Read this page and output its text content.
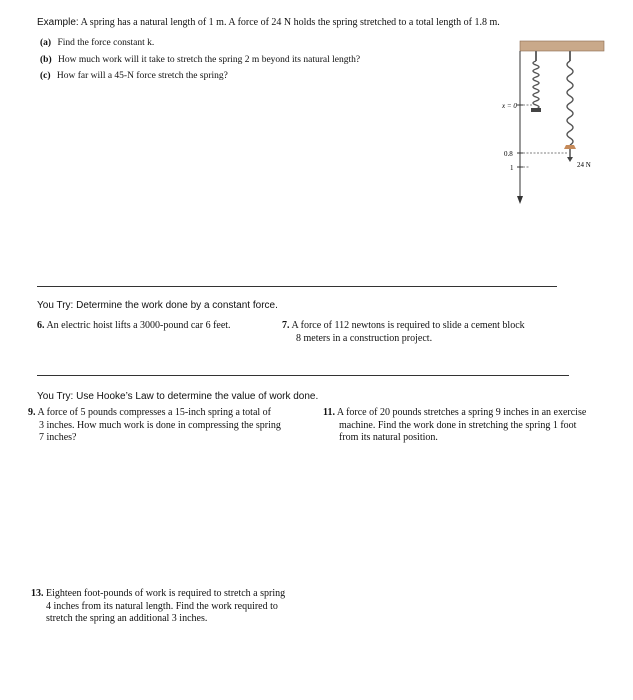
Example: A spring has a natural length of 1 m. A force of 24 N holds the spring stretched to a total length of 1.8 m.
(a) Find the force constant k.
(b) How much work will it take to stretch the spring 2 m beyond its natural length?
(c) How far will a 45-N force stretch the spring?
x = 0
0.8
1	24 N
You Try: Determine the work done by a constant force.
6. An electric hoist lifts a 3000-pound car 6 feet.	7. A force of 112 newtons is required to slide a cement block
8 meters in a construction project.
You Try: Use Hooke’s Law to determine the value of work done.
9. A force of 5 pounds compresses a 15-inch spring a total of
3 inches. How much work is done in compressing the spring
7 inches?
11. A force of 20 pounds stretches a spring 9 inches in an exercise
machine. Find the work done in stretching the spring 1 foot
from its natural position.
13. Eighteen foot-pounds of work is required to stretch a spring
4 inches from its natural length. Find the work required to
stretch the spring an additional 3 inches.
